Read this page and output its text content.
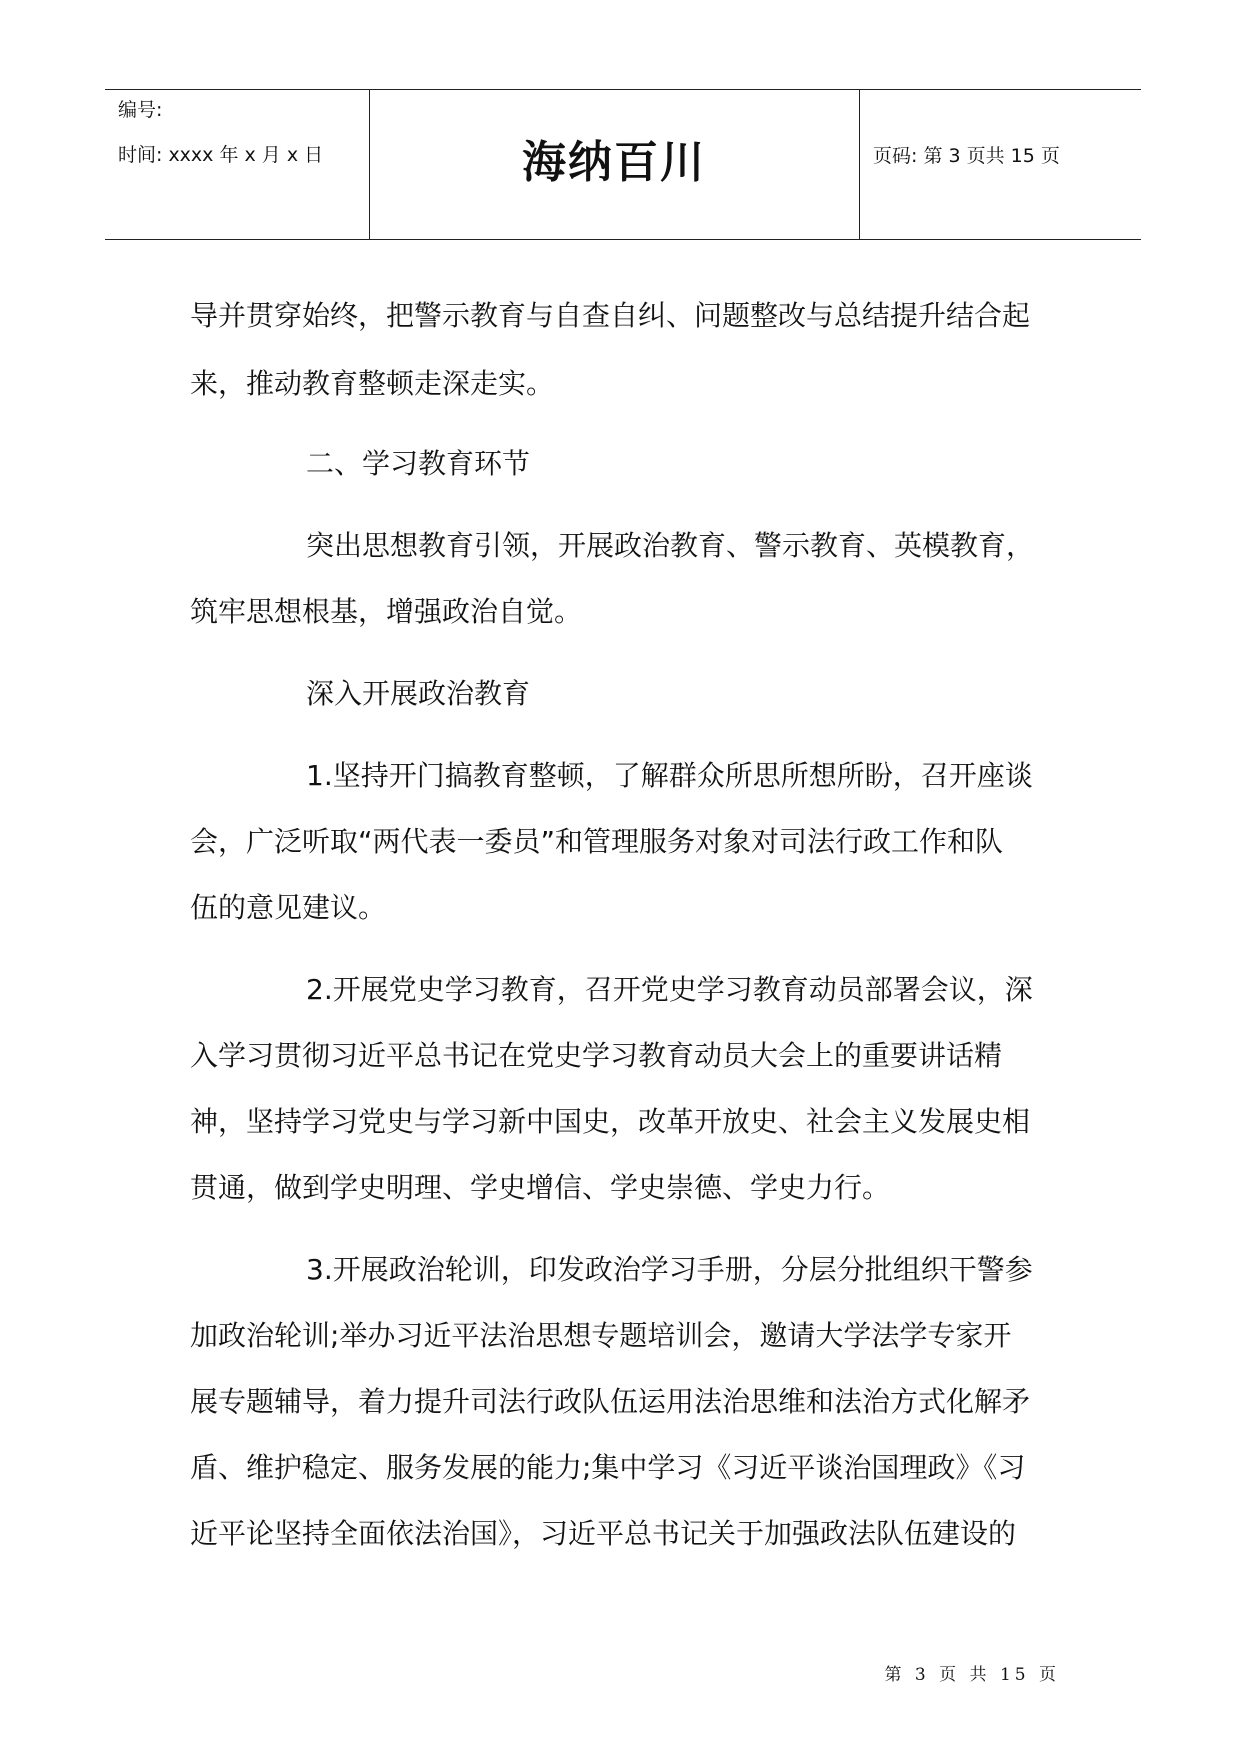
编号:
时间: xxxx 年 x 月 x 日	海纳百川	页码: 第 3 页共 15 页
导并贯穿始终，把警示教育与自查自纠、问题整改与总结提升结合起
来，推动教育整顿走深走实。
二、学习教育环节
突出思想教育引领，开展政治教育、警示教育、英模教育，
筑牢思想根基，增强政治自觉。
深入开展政治教育
1.坚持开门搞教育整顿，了解群众所思所想所盼，召开座谈
会，广泛听取“两代表一委员”和管理服务对象对司法行政工作和队
伍的意见建议。
2.开展党史学习教育，召开党史学习教育动员部署会议，深
入学习贯彻习近平总书记在党史学习教育动员大会上的重要讲话精
神，坚持学习党史与学习新中国史，改革开放史、社会主义发展史相
贯通，做到学史明理、学史增信、学史崇德、学史力行。
3.开展政治轮训，印发政治学习手册，分层分批组织干警参
加政治轮训;举办习近平法治思想专题培训会，邀请大学法学专家开
展专题辅导，着力提升司法行政队伍运用法治思维和法治方式化解矛
盾、维护稳定、服务发展的能力;集中学习《习近平谈治国理政》《习
近平论坚持全面依法治国》，习近平总书记关于加强政法队伍建设的
第 3 页 共 15 页
